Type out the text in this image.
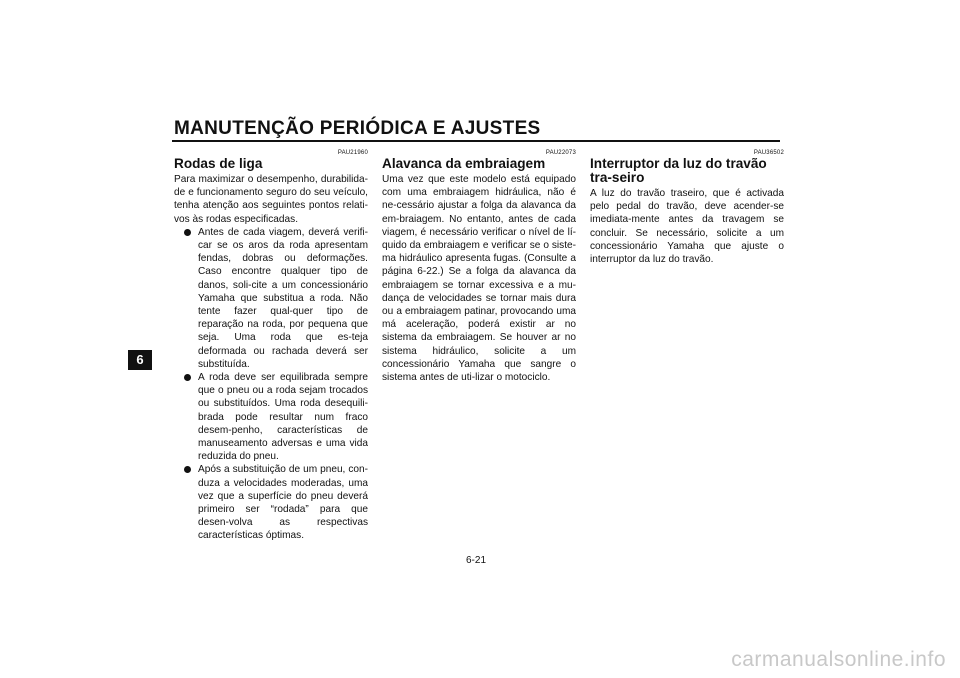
MANUTENÇÃO PERIÓDICA E AJUSTES
6
PAU21960
Rodas de liga

Para maximizar o desempenho, durabilida-de e funcionamento seguro do seu veículo, tenha atenção aos seguintes pontos relati-vos às rodas especificadas.

Antes de cada viagem, deverá verifi-car se os aros da roda apresentam fendas, dobras ou deformações. Caso encontre qualquer tipo de danos, soli-cite a um concessionário Yamaha que substitua a roda. Não tente fazer qual-quer tipo de reparação na roda, por pequena que seja. Uma roda que es-teja deformada ou rachada deverá ser substituída.
A roda deve ser equilibrada sempre que o pneu ou a roda sejam trocados ou substituídos. Uma roda desequili-brada pode resultar num fraco desem-penho, características de manuseamento adversas e uma vida reduzida do pneu.
Após a substituição de um pneu, con-duza a velocidades moderadas, uma vez que a superfície do pneu deverá primeiro ser “rodada” para que desen-volva as respectivas características óptimas.
PAU22073
Alavanca da embraiagem

Uma vez que este modelo está equipado com uma embraiagem hidráulica, não é ne-cessário ajustar a folga da alavanca da em-braiagem. No entanto, antes de cada viagem, é necessário verificar o nível de lí-quido da embraiagem e verificar se o siste-ma hidráulico apresenta fugas. (Consulte a página 6-22.) Se a folga da alavanca da embraiagem se tornar excessiva e a mu-dança de velocidades se tornar mais dura ou a embraiagem patinar, provocando uma má aceleração, poderá existir ar no sistema da embraiagem. Se houver ar no sistema hidráulico, solicite a um concessionário Yamaha que sangre o sistema antes de uti-lizar o motociclo.

PAU36502
Interruptor da luz do travão tra-seiro

A luz do travão traseiro, que é activada pelo pedal do travão, deve acender-se imediata-mente antes da travagem se concluir. Se necessário, solicite a um concessionário Yamaha que ajuste o interruptor da luz do travão.

6-21
carmanualsonline.info
